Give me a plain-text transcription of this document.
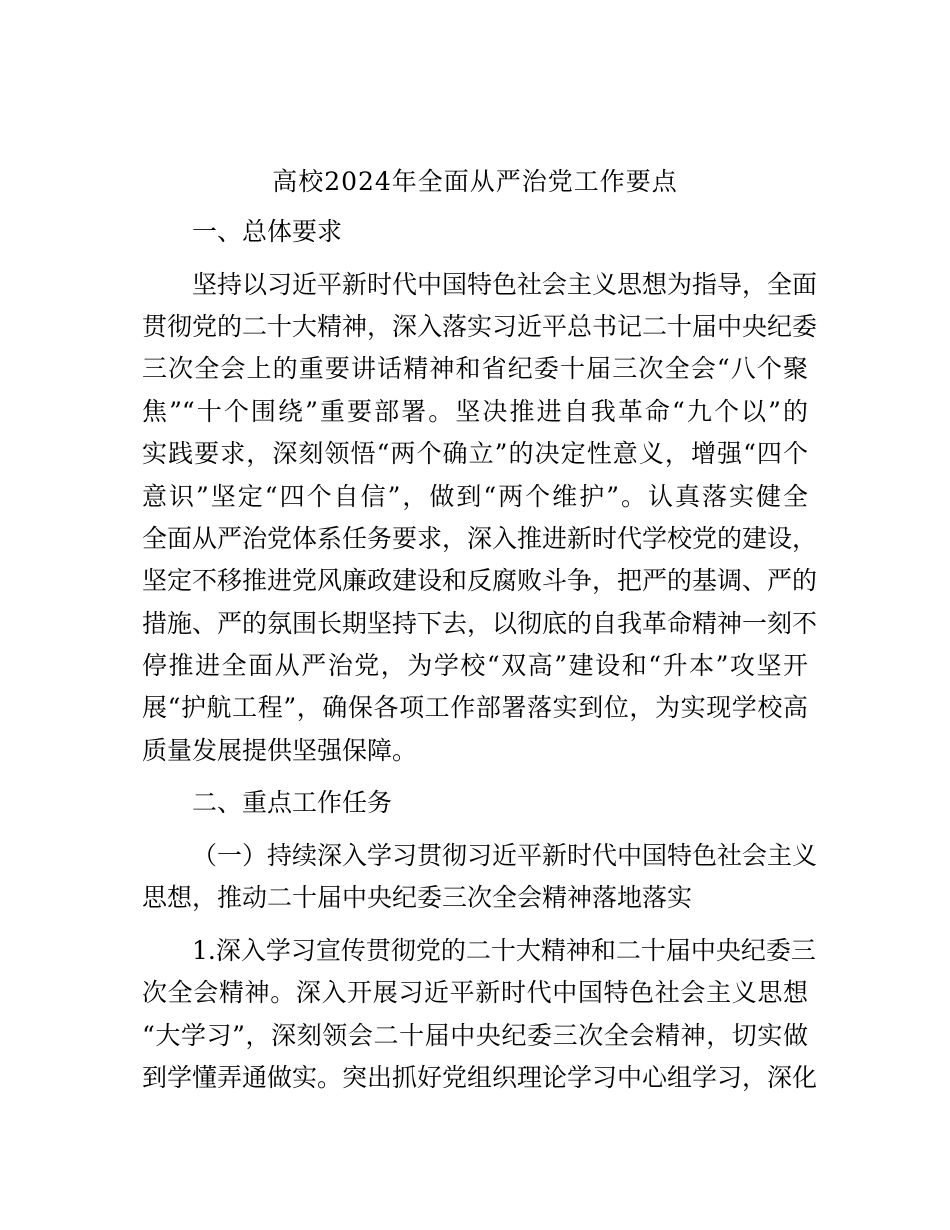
高校2024年全面从严治党工作要点
一、总体要求
坚持以习近平新时代中国特色社会主义思想为指导，全面
贯彻党的二十大精神，深入落实习近平总书记二十届中央纪委
三次全会上的重要讲话精神和省纪委十届三次全会“八个聚
焦”“十个围绕”重要部署。坚决推进自我革命“九个以”的
实践要求，深刻领悟“两个确立”的决定性意义，增强“四个
意识”坚定“四个自信”，做到“两个维护”。认真落实健全
全面从严治党体系任务要求，深入推进新时代学校党的建设，
坚定不移推进党风廉政建设和反腐败斗争，把严的基调、严的
措施、严的氛围长期坚持下去，以彻底的自我革命精神一刻不
停推进全面从严治党，为学校“双高”建设和“升本”攻坚开
展“护航工程”，确保各项工作部署落实到位，为实现学校高
质量发展提供坚强保障。
二、重点工作任务
（一）持续深入学习贯彻习近平新时代中国特色社会主义
思想，推动二十届中央纪委三次全会精神落地落实
1.深入学习宣传贯彻党的二十大精神和二十届中央纪委三
次全会精神。深入开展习近平新时代中国特色社会主义思想
“大学习”，深刻领会二十届中央纪委三次全会精神，切实做
到学懂弄通做实。突出抓好党组织理论学习中心组学习，深化
